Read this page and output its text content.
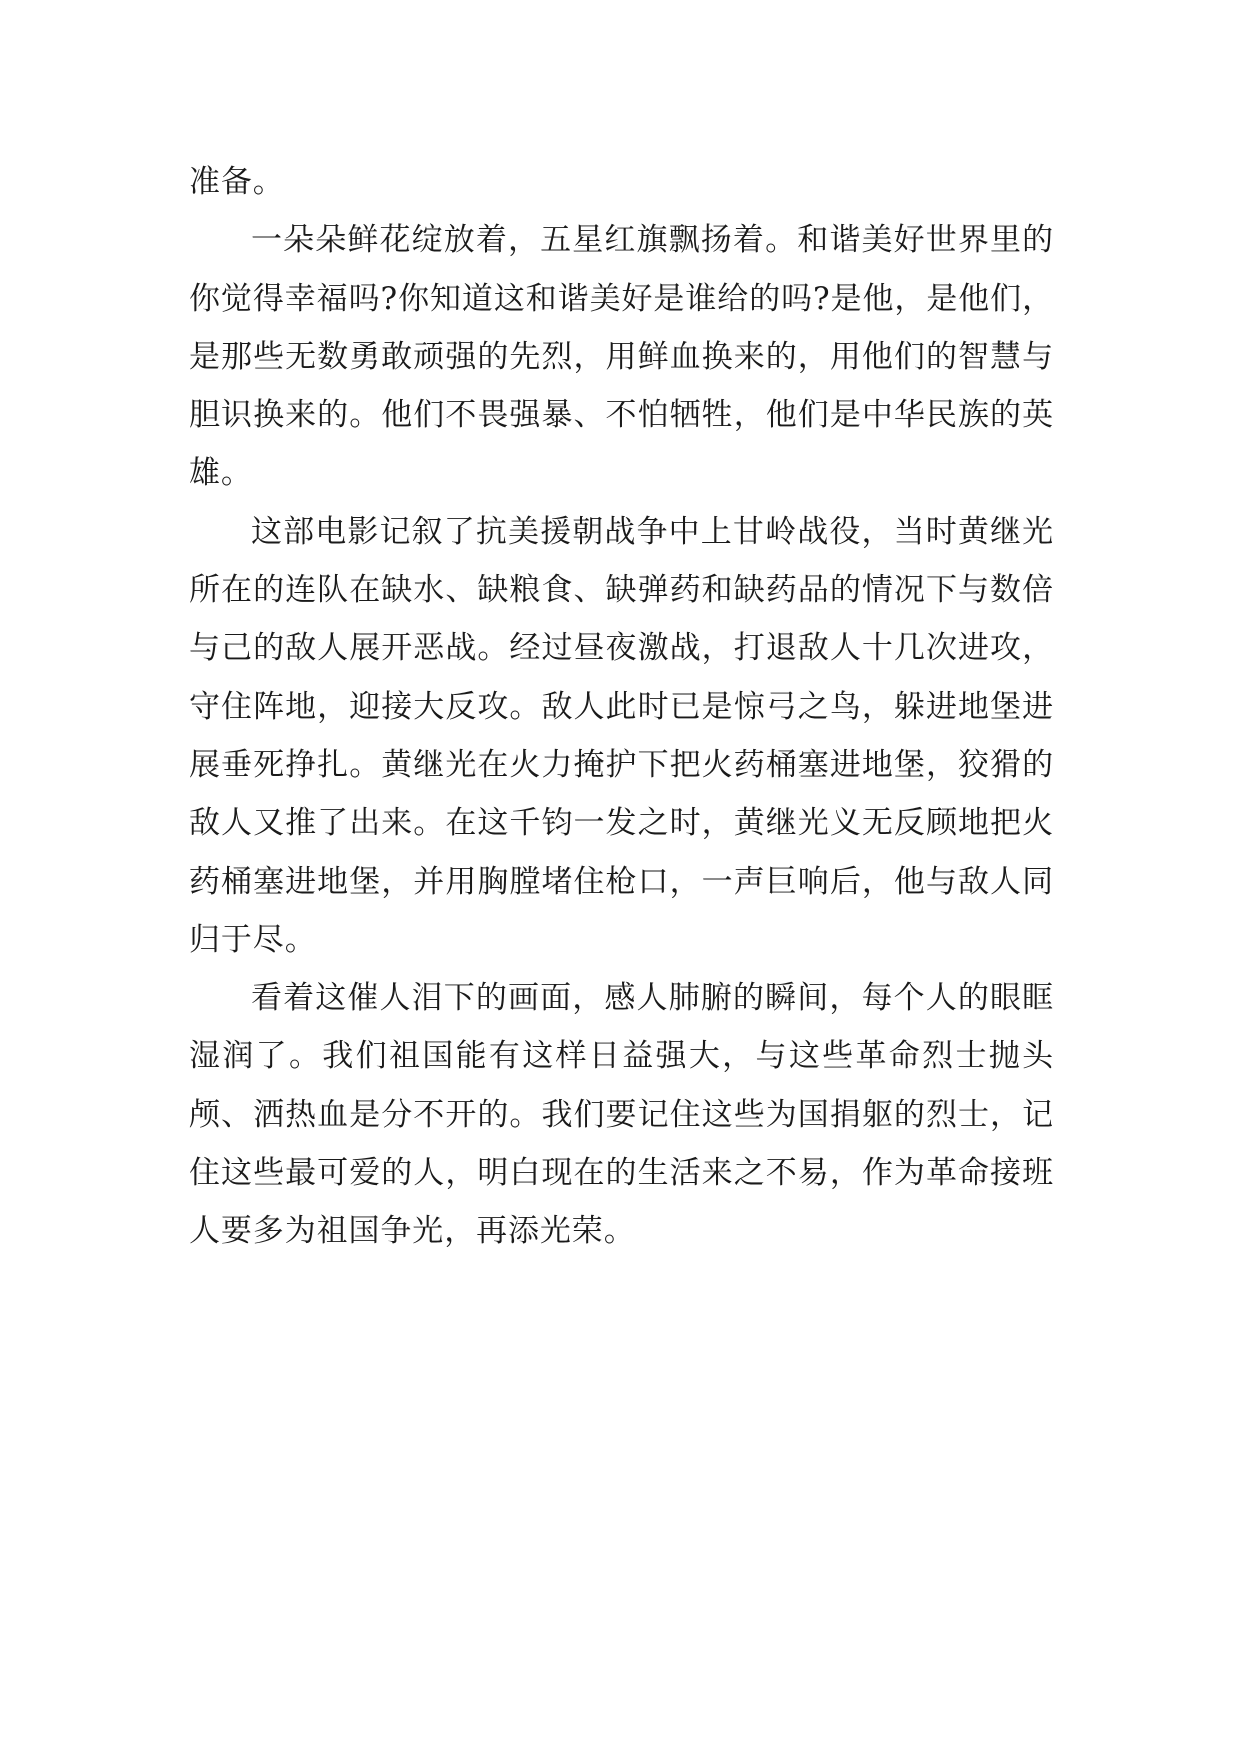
准备。

一朵朵鲜花绽放着，五星红旗飘扬着。和谐美好世界里的你觉得幸福吗?你知道这和谐美好是谁给的吗?是他，是他们，是那些无数勇敢顽强的先烈，用鲜血换来的，用他们的智慧与胆识换来的。他们不畏强暴、不怕牺牲，他们是中华民族的英雄。

这部电影记叙了抗美援朝战争中上甘岭战役，当时黄继光所在的连队在缺水、缺粮食、缺弹药和缺药品的情况下与数倍与己的敌人展开恶战。经过昼夜激战，打退敌人十几次进攻，守住阵地，迎接大反攻。敌人此时已是惊弓之鸟，躲进地堡进展垂死挣扎。黄继光在火力掩护下把火药桶塞进地堡，狡猾的敌人又推了出来。在这千钧一发之时，黄继光义无反顾地把火药桶塞进地堡，并用胸膛堵住枪口，一声巨响后，他与敌人同归于尽。

看着这催人泪下的画面，感人肺腑的瞬间，每个人的眼眶湿润了。我们祖国能有这样日益强大，与这些革命烈士抛头颅、洒热血是分不开的。我们要记住这些为国捐躯的烈士，记住这些最可爱的人，明白现在的生活来之不易，作为革命接班人要多为祖国争光，再添光荣。
